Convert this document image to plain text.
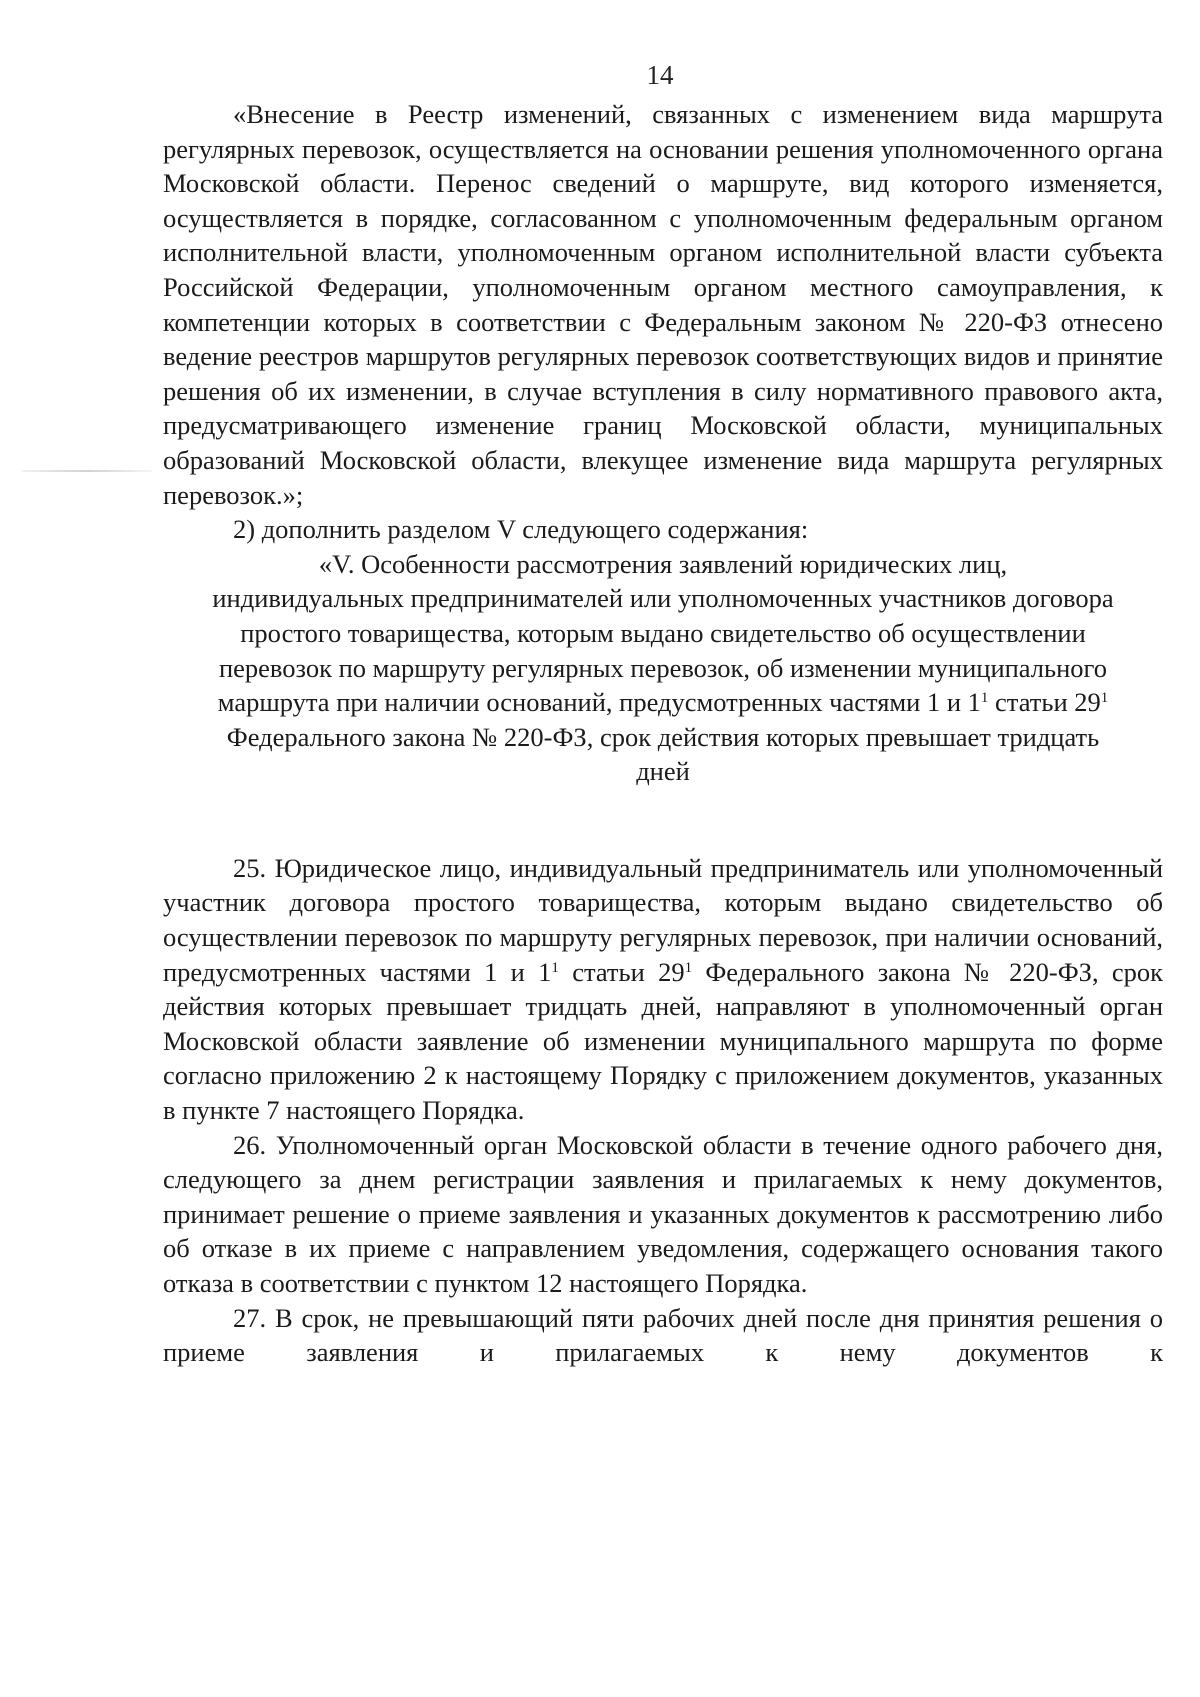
14

«Внесение в Реестр изменений, связанных с изменением вида маршрута регулярных перевозок, осуществляется на основании решения уполномоченного органа Московской области. Перенос сведений о маршруте, вид которого изменяется, осуществляется в порядке, согласованном с уполномоченным федеральным органом исполнительной власти, уполномоченным органом исполнительной власти субъекта Российской Федерации, уполномоченным органом местного самоуправления, к компетенции которых в соответствии с Федеральным законом № 220-ФЗ отнесено ведение реестров маршрутов регулярных перевозок соответствующих видов и принятие решения об их изменении, в случае вступления в силу нормативного правового акта, предусматривающего изменение границ Московской области, муниципальных образований Московской области, влекущее изменение вида маршрута регулярных перевозок.»;

2) дополнить разделом V следующего содержания:

«V. Особенности рассмотрения заявлений юридических лиц,
индивидуальных предпринимателей или уполномоченных участников договора
простого товарищества, которым выдано свидетельство об осуществлении
перевозок по маршруту регулярных перевозок, об изменении муниципального
маршрута при наличии оснований, предусмотренных частями 1 и $1^1$ статьи $29^1$
Федерального закона № 220-ФЗ, срок действия которых превышает тридцать
дней

25. Юридическое лицо, индивидуальный предприниматель или уполномоченный участник договора простого товарищества, которым выдано свидетельство об осуществлении перевозок по маршруту регулярных перевозок, при наличии оснований, предусмотренных частями 1 и $1^1$ статьи $29^1$ Федерального закона № 220-ФЗ, срок действия которых превышает тридцать дней, направляют в уполномоченный орган Московской области заявление об изменении муниципального маршрута по форме согласно приложению 2 к настоящему Порядку с приложением документов, указанных в пункте 7 настоящего Порядка.

26. Уполномоченный орган Московской области в течение одного рабочего дня, следующего за днем регистрации заявления и прилагаемых к нему документов, принимает решение о приеме заявления и указанных документов к рассмотрению либо об отказе в их приеме с направлением уведомления, содержащего основания такого отказа в соответствии с пунктом 12 настоящего Порядка.

27. В срок, не превышающий пяти рабочих дней после дня принятия решения о приеме заявления и прилагаемых к нему документов к
